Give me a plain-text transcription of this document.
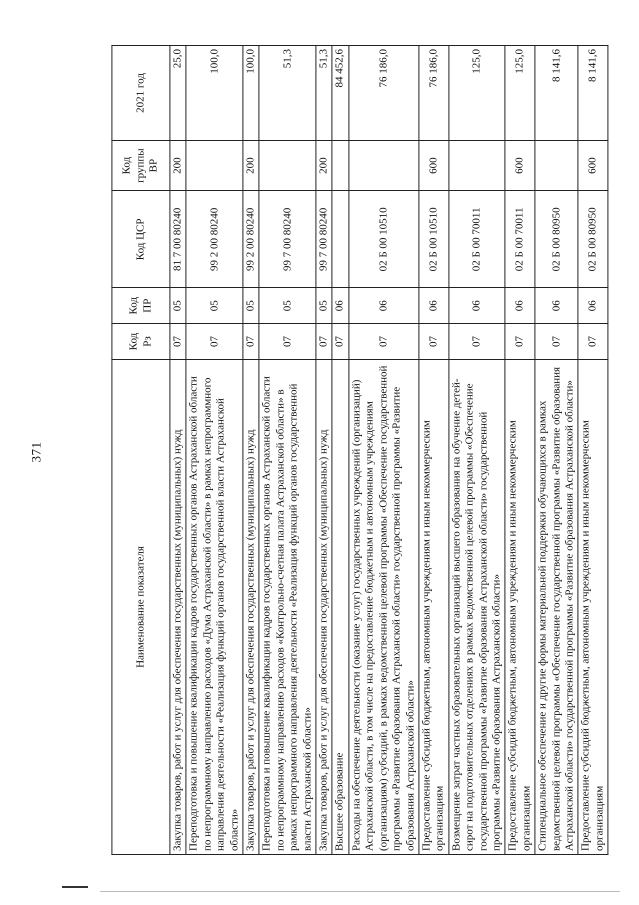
371
Наименование показателя	Код Рз	Код ПР	Код ЦСР	Код группы ВР	2021 год
Закупка товаров, работ и услуг для обеспечения государственных (муниципальных) нужд	07	05	81 7 00 80240	200	25,0
Переподготовка и повышение квалификации кадров государственных органов Астраханской области по непрограммному направлению расходов «Дума Астраханской области» в рамках непрограммного направления деятельности «Реализация функций органов государственной власти Астраханской области»	07	05	99 2 00 80240		100,0
Закупка товаров, работ и услуг для обеспечения государственных (муниципальных) нужд	07	05	99 2 00 80240	200	100,0
Переподготовка и повышение квалификации кадров государственных органов Астраханской области по непрограммному направлению расходов «Контрольно-счетная палата Астраханской области» в рамках непрограммного направления деятельности «Реализация функций органов государственной власти Астраханской области»	07	05	99 7 00 80240		51,3
Закупка товаров, работ и услуг для обеспечения государственных (муниципальных) нужд	07	05	99 7 00 80240	200	51,3
Высшее образование	07	06			84 452,6
Расходы на обеспечение деятельности (оказание услуг) государственных учреждений (организаций) Астраханской области, в том числе на предоставление бюджетным и автономным учреждениям (организациям) субсидий, в рамках ведомственной целевой программы «Обеспечение государственной программы «Развитие образования Астраханской области» государственной программы «Развитие образования Астраханской области»	07	06	02 Б 00 10510		76 186,0
Предоставление субсидий бюджетным, автономным учреждениям и иным некоммерческим организациям	07	06	02 Б 00 10510	600	76 186,0
Возмещение затрат частных образовательных организаций высшего образования на обучение детей-сирот на подготовительных отделениях в рамках ведомственной целевой программы «Обеспечение государственной программы «Развитие образования Астраханской области» государственной программы «Развитие образования Астраханской области»	07	06	02 Б 00 70011		125,0
Предоставление субсидий бюджетным, автономным учреждениям и иным некоммерческим организациям	07	06	02 Б 00 70011	600	125,0
Стипендиальное обеспечение и другие формы материальной поддержки обучающихся в рамках ведомственной целевой программы «Обеспечение государственной программы «Развитие образования Астраханской области» государственной программы «Развитие образования Астраханской области»	07	06	02 Б 00 80950		8 141,6
Предоставление субсидий бюджетным, автономным учреждениям и иным некоммерческим организациям	07	06	02 Б 00 80950	600	8 141,6
